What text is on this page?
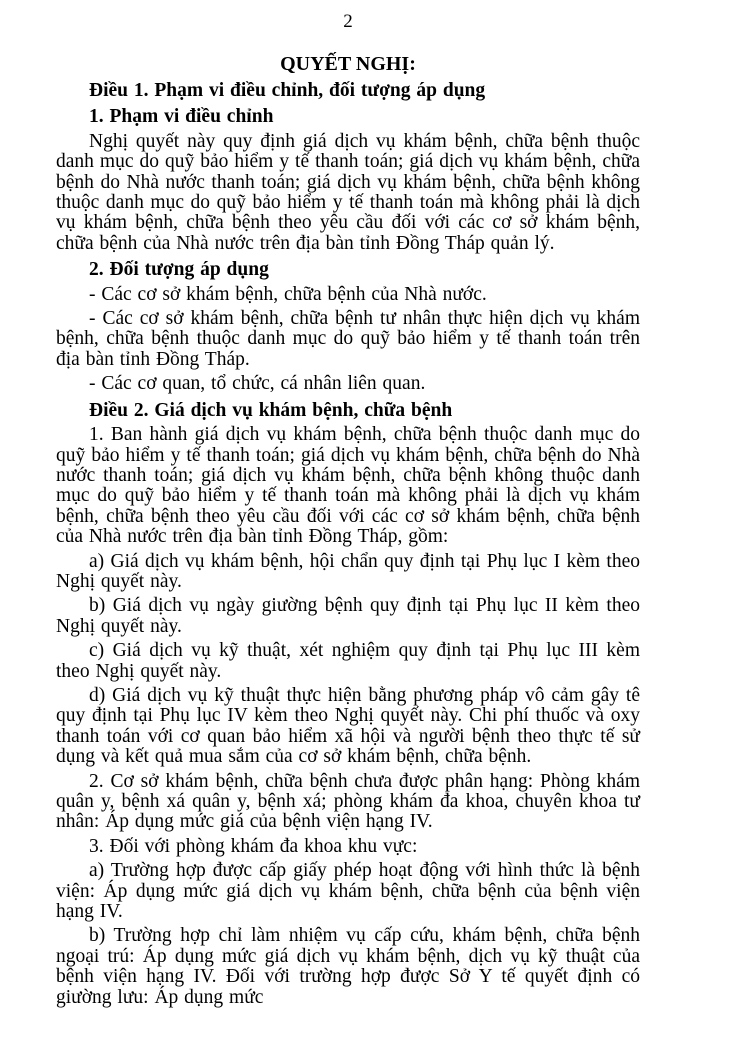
2
QUYẾT NGHỊ:

Điều 1. Phạm vi điều chỉnh, đối tượng áp dụng

1. Phạm vi điều chỉnh

Nghị quyết này quy định giá dịch vụ khám bệnh, chữa bệnh thuộc danh mục do quỹ bảo hiểm y tế thanh toán; giá dịch vụ khám bệnh, chữa bệnh do Nhà nước thanh toán; giá dịch vụ khám bệnh, chữa bệnh không thuộc danh mục do quỹ bảo hiểm y tế thanh toán mà không phải là dịch vụ khám bệnh, chữa bệnh theo yêu cầu đối với các cơ sở khám bệnh, chữa bệnh của Nhà nước trên địa bàn tỉnh Đồng Tháp quản lý.

2. Đối tượng áp dụng

- Các cơ sở khám bệnh, chữa bệnh của Nhà nước.

- Các cơ sở khám bệnh, chữa bệnh tư nhân thực hiện dịch vụ khám bệnh, chữa bệnh thuộc danh mục do quỹ bảo hiểm y tế thanh toán trên địa bàn tỉnh Đồng Tháp.

- Các cơ quan, tổ chức, cá nhân liên quan.

Điều 2. Giá dịch vụ khám bệnh, chữa bệnh

1. Ban hành giá dịch vụ khám bệnh, chữa bệnh thuộc danh mục do quỹ bảo hiểm y tế thanh toán; giá dịch vụ khám bệnh, chữa bệnh do Nhà nước thanh toán; giá dịch vụ khám bệnh, chữa bệnh không thuộc danh mục do quỹ bảo hiểm y tế thanh toán mà không phải là dịch vụ khám bệnh, chữa bệnh theo yêu cầu đối với các cơ sở khám bệnh, chữa bệnh của Nhà nước trên địa bàn tỉnh Đồng Tháp, gồm:

a) Giá dịch vụ khám bệnh, hội chẩn quy định tại Phụ lục I kèm theo Nghị quyết này.

b) Giá dịch vụ ngày giường bệnh quy định tại Phụ lục II kèm theo Nghị quyết này.

c) Giá dịch vụ kỹ thuật, xét nghiệm quy định tại Phụ lục III kèm theo Nghị quyết này.

d) Giá dịch vụ kỹ thuật thực hiện bằng phương pháp vô cảm gây tê quy định tại Phụ lục IV kèm theo Nghị quyết này. Chi phí thuốc và oxy thanh toán với cơ quan bảo hiểm xã hội và người bệnh theo thực tế sử dụng và kết quả mua sắm của cơ sở khám bệnh, chữa bệnh.

2. Cơ sở khám bệnh, chữa bệnh chưa được phân hạng: Phòng khám quân y, bệnh xá quân y, bệnh xá; phòng khám đa khoa, chuyên khoa tư nhân: Áp dụng mức giá của bệnh viện hạng IV.

3. Đối với phòng khám đa khoa khu vực:

a) Trường hợp được cấp giấy phép hoạt động với hình thức là bệnh viện: Áp dụng mức giá dịch vụ khám bệnh, chữa bệnh của bệnh viện hạng IV.

b) Trường hợp chỉ làm nhiệm vụ cấp cứu, khám bệnh, chữa bệnh ngoại trú: Áp dụng mức giá dịch vụ khám bệnh, dịch vụ kỹ thuật của bệnh viện hạng IV. Đối với trường hợp được Sở Y tế quyết định có giường lưu: Áp dụng mức
